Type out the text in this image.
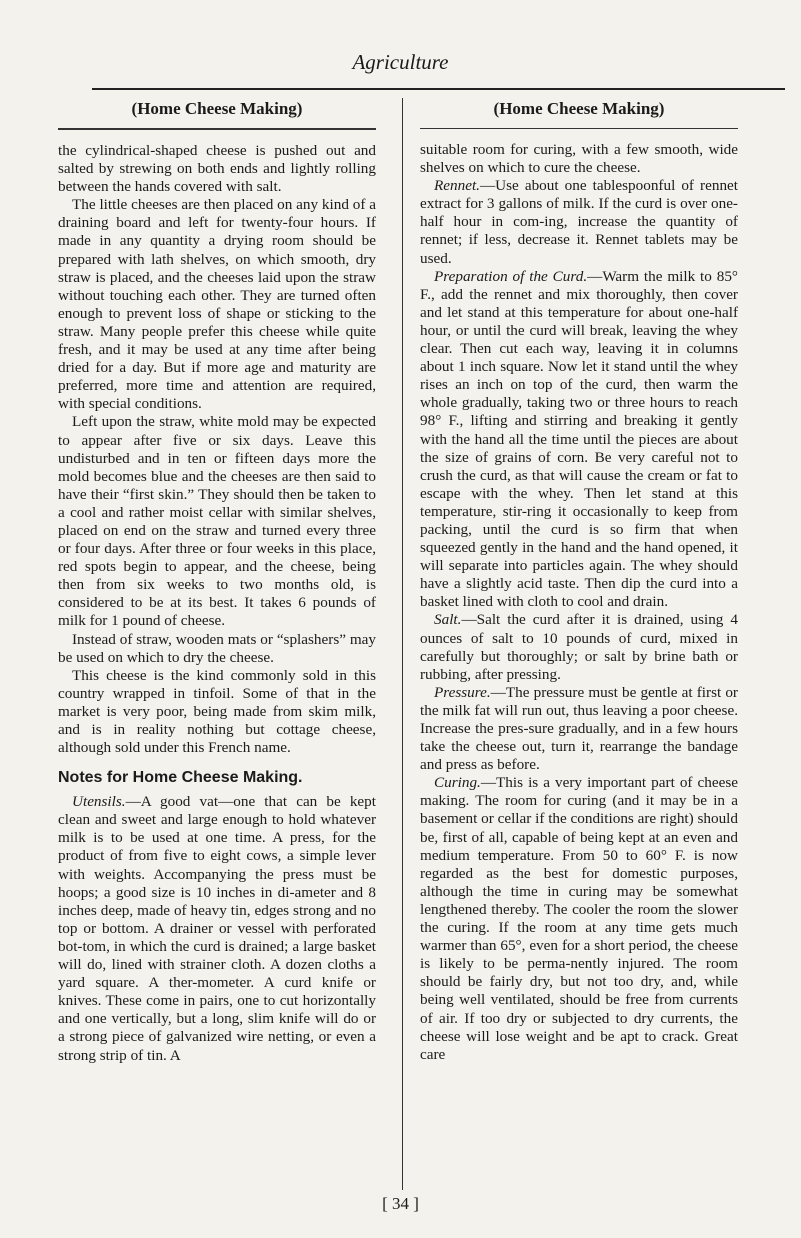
Agriculture
(Home Cheese Making)

the cylindrical-shaped cheese is pushed out and salted by strewing on both ends and lightly rolling between the hands covered with salt.

The little cheeses are then placed on any kind of a draining board and left for twenty-four hours. If made in any quantity a drying room should be prepared with lath shelves, on which smooth, dry straw is placed, and the cheeses laid upon the straw without touching each other. They are turned often enough to prevent loss of shape or sticking to the straw. Many people prefer this cheese while quite fresh, and it may be used at any time after being dried for a day. But if more age and maturity are preferred, more time and attention are required, with special conditions.

Left upon the straw, white mold may be expected to appear after five or six days. Leave this undisturbed and in ten or fifteen days more the mold becomes blue and the cheeses are then said to have their “first skin.” They should then be taken to a cool and rather moist cellar with similar shelves, placed on end on the straw and turned every three or four days. After three or four weeks in this place, red spots begin to appear, and the cheese, being then from six weeks to two months old, is considered to be at its best. It takes 6 pounds of milk for 1 pound of cheese.

Instead of straw, wooden mats or “splashers” may be used on which to dry the cheese.

This cheese is the kind commonly sold in this country wrapped in tinfoil. Some of that in the market is very poor, being made from skim milk, and is in reality nothing but cottage cheese, although sold under this French name.

Notes for Home Cheese Making.

Utensils.—A good vat—one that can be kept clean and sweet and large enough to hold whatever milk is to be used at one time. A press, for the product of from five to eight cows, a simple lever with weights. Accompanying the press must be hoops; a good size is 10 inches in di-ameter and 8 inches deep, made of heavy tin, edges strong and no top or bottom. A drainer or vessel with perforated bot-tom, in which the curd is drained; a large basket will do, lined with strainer cloth. A dozen cloths a yard square. A ther-mometer. A curd knife or knives. These come in pairs, one to cut horizontally and one vertically, but a long, slim knife will do or a strong piece of galvanized wire netting, or even a strong strip of tin. A

(Home Cheese Making)

suitable room for curing, with a few smooth, wide shelves on which to cure the cheese.

Rennet.—Use about one tablespoonful of rennet extract for 3 gallons of milk. If the curd is over one-half hour in com-ing, increase the quantity of rennet; if less, decrease it. Rennet tablets may be used.

Preparation of the Curd.—Warm the milk to 85° F., add the rennet and mix thoroughly, then cover and let stand at this temperature for about one-half hour, or until the curd will break, leaving the whey clear. Then cut each way, leaving it in columns about 1 inch square. Now let it stand until the whey rises an inch on top of the curd, then warm the whole gradually, taking two or three hours to reach 98° F., lifting and stirring and breaking it gently with the hand all the time until the pieces are about the size of grains of corn. Be very careful not to crush the curd, as that will cause the cream or fat to escape with the whey. Then let stand at this temperature, stir-ring it occasionally to keep from packing, until the curd is so firm that when squeezed gently in the hand and the hand opened, it will separate into particles again. The whey should have a slightly acid taste. Then dip the curd into a basket lined with cloth to cool and drain.

Salt.—Salt the curd after it is drained, using 4 ounces of salt to 10 pounds of curd, mixed in carefully but thoroughly; or salt by brine bath or rubbing, after pressing.

Pressure.—The pressure must be gentle at first or the milk fat will run out, thus leaving a poor cheese. Increase the pres-sure gradually, and in a few hours take the cheese out, turn it, rearrange the bandage and press as before.

Curing.—This is a very important part of cheese making. The room for curing (and it may be in a basement or cellar if the conditions are right) should be, first of all, capable of being kept at an even and medium temperature. From 50 to 60° F. is now regarded as the best for domestic purposes, although the time in curing may be somewhat lengthened thereby. The cooler the room the slower the curing. If the room at any time gets much warmer than 65°, even for a short period, the cheese is likely to be perma-nently injured. The room should be fairly dry, but not too dry, and, while being well ventilated, should be free from currents of air. If too dry or subjected to dry currents, the cheese will lose weight and be apt to crack. Great care

[ 34 ]
